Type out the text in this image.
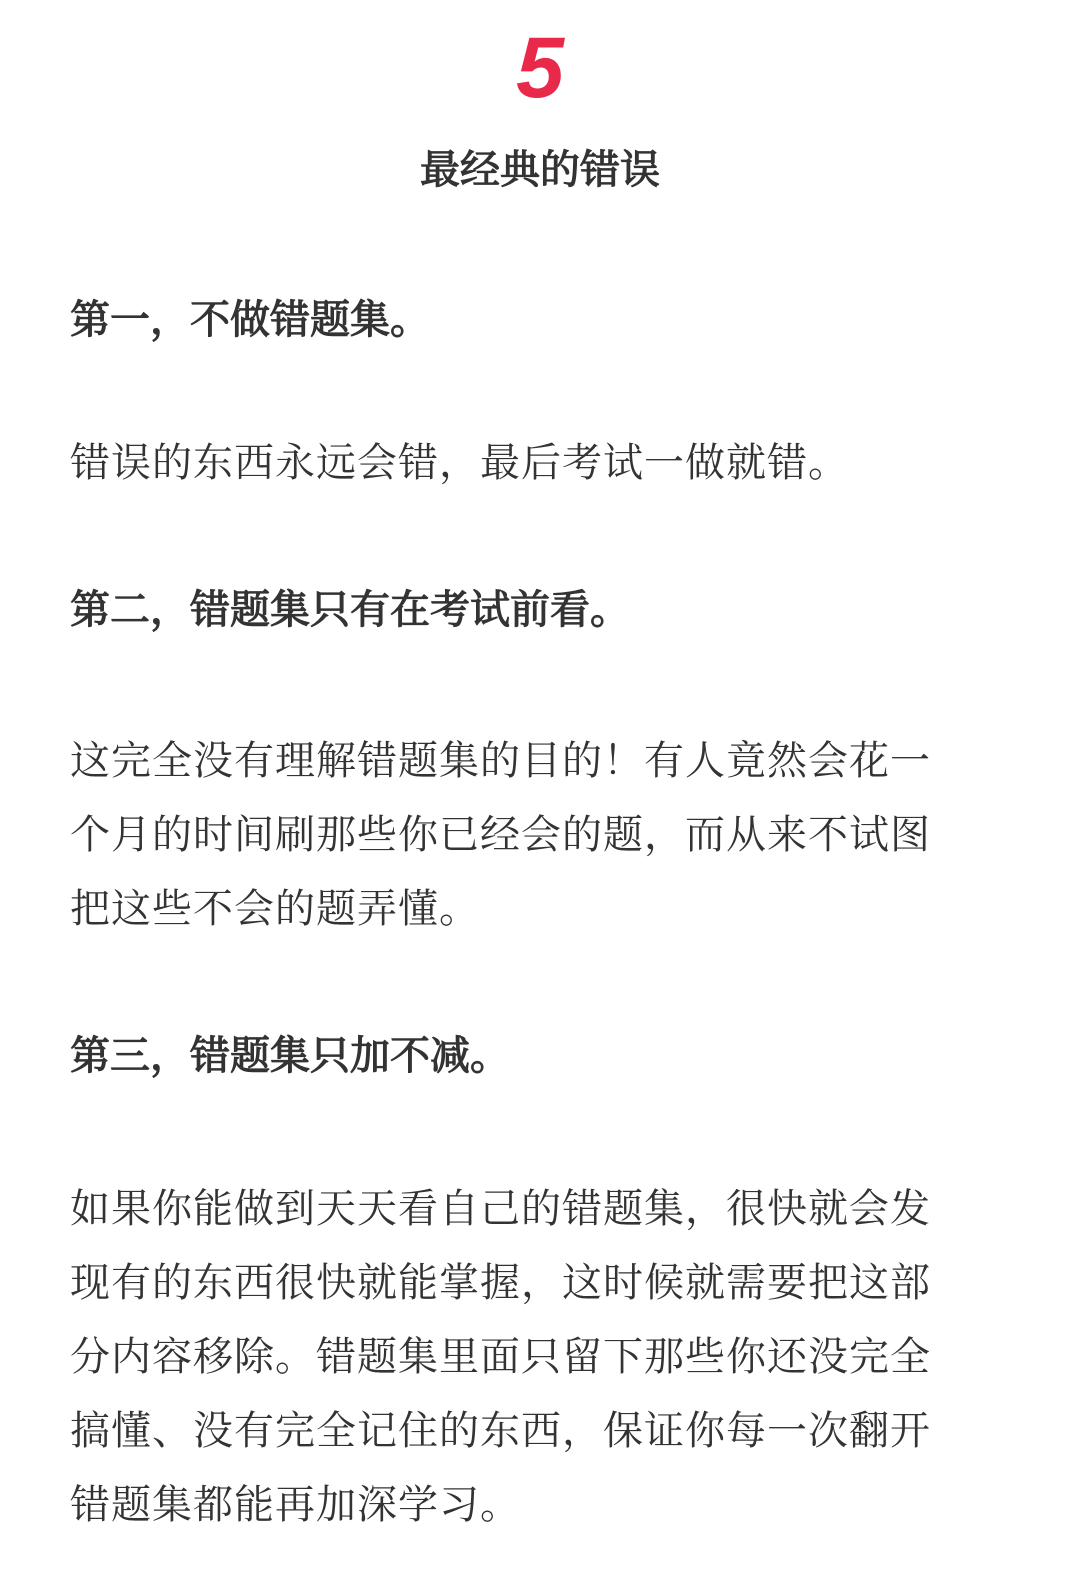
5
最经典的错误
第一，不做错题集。
错误的东西永远会错，最后考试一做就错。
第二，错题集只有在考试前看。
这完全没有理解错题集的目的！有人竟然会花一
个月的时间刷那些你已经会的题，而从来不试图
把这些不会的题弄懂。
第三，错题集只加不减。
如果你能做到天天看自己的错题集，很快就会发
现有的东西很快就能掌握，这时候就需要把这部
分内容移除。错题集里面只留下那些你还没完全
搞懂、没有完全记住的东西，保证你每一次翻开
错题集都能再加深学习。
